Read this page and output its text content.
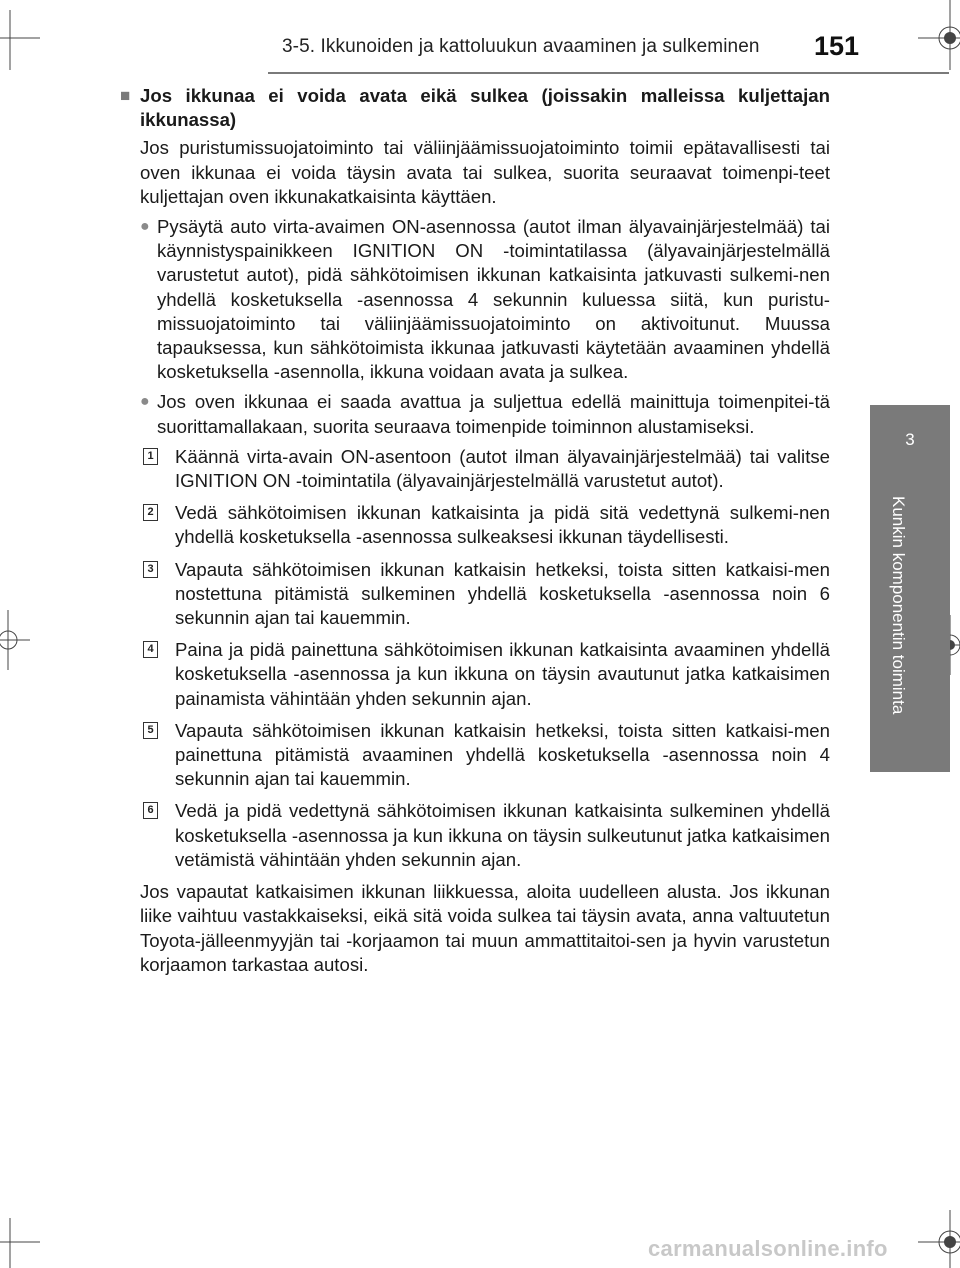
3-5. Ikkunoiden ja kattoluukun avaaminen ja sulkeminen 151
3
Kunkin komponentin toiminta
■ Jos ikkunaa ei voida avata eikä sulkea (joissakin malleissa kuljettajan ikkunassa)
Jos puristumissuojatoiminto tai väliinjäämissuojatoiminto toimii epätavallisesti tai oven ikkunaa ei voida täysin avata tai sulkea, suorita seuraavat toimenpi-teet kuljettajan oven ikkunakatkaisinta käyttäen.
● Pysäytä auto virta-avaimen ON-asennossa (autot ilman älyavainjärjestelmää) tai käynnistyspainikkeen IGNITION ON -toimintatilassa (älyavainjärjestelmällä varustetut autot), pidä sähkötoimisen ikkunan katkaisinta jatkuvasti sulkemi-nen yhdellä kosketuksella -asennossa 4 sekunnin kuluessa siitä, kun puristu-missuojatoiminto tai väliinjäämissuojatoiminto on aktivoitunut. Muussa tapauksessa, kun sähkötoimista ikkunaa jatkuvasti käytetään avaaminen yhdellä kosketuksella -asennolla, ikkuna voidaan avata ja sulkea.
● Jos oven ikkunaa ei saada avattua ja suljettua edellä mainittuja toimenpitei-tä suorittamallakaan, suorita seuraava toimenpide toiminnon alustamiseksi.
1 Käännä virta-avain ON-asentoon (autot ilman älyavainjärjestelmää) tai valitse IGNITION ON -toimintatila (älyavainjärjestelmällä varustetut autot).
2 Vedä sähkötoimisen ikkunan katkaisinta ja pidä sitä vedettynä sulkemi-nen yhdellä kosketuksella -asennossa sulkeaksesi ikkunan täydellisesti.
3 Vapauta sähkötoimisen ikkunan katkaisin hetkeksi, toista sitten katkaisi-men nostettuna pitämistä sulkeminen yhdellä kosketuksella -asennossa noin 6 sekunnin ajan tai kauemmin.
4 Paina ja pidä painettuna sähkötoimisen ikkunan katkaisinta avaaminen yhdellä kosketuksella -asennossa ja kun ikkuna on täysin avautunut jatka katkaisimen painamista vähintään yhden sekunnin ajan.
5 Vapauta sähkötoimisen ikkunan katkaisin hetkeksi, toista sitten katkaisi-men painettuna pitämistä avaaminen yhdellä kosketuksella -asennossa noin 4 sekunnin ajan tai kauemmin.
6 Vedä ja pidä vedettynä sähkötoimisen ikkunan katkaisinta sulkeminen yhdellä kosketuksella -asennossa ja kun ikkuna on täysin sulkeutunut jatka katkaisimen vetämistä vähintään yhden sekunnin ajan.
Jos vapautat katkaisimen ikkunan liikkuessa, aloita uudelleen alusta. Jos ikkunan liike vaihtuu vastakkaiseksi, eikä sitä voida sulkea tai täysin avata, anna valtuutetun Toyota-jälleenmyyjän tai -korjaamon tai muun ammattitaitoi-sen ja hyvin varustetun korjaamon tarkastaa autosi.
carmanualsonline.info
